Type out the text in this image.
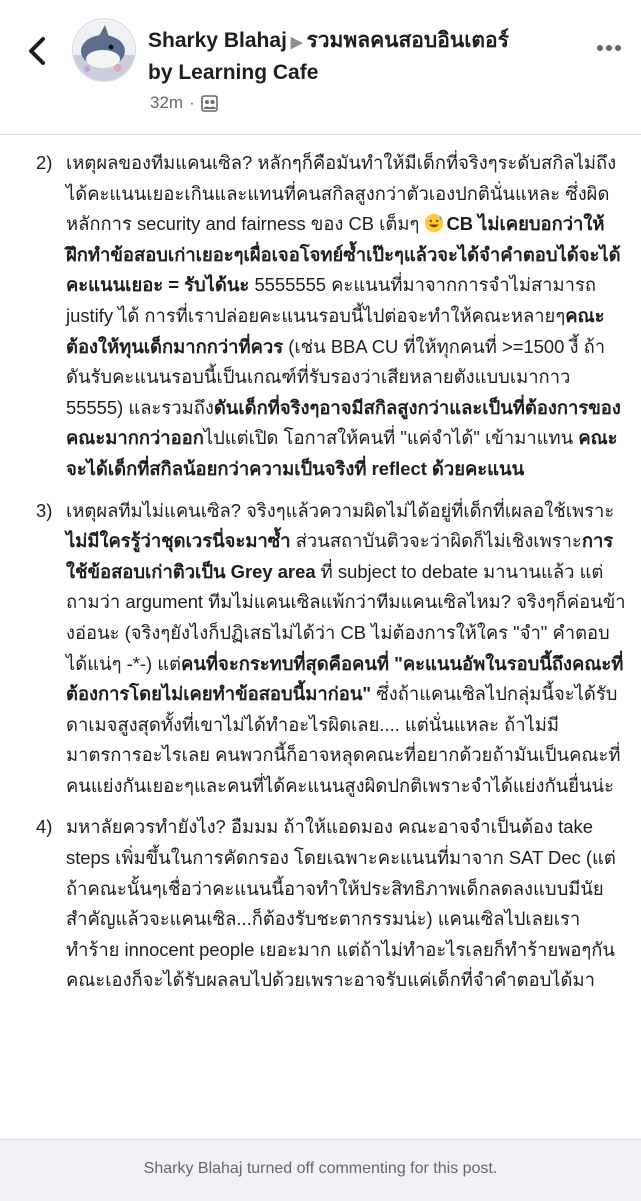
Sharky Blahaj ▶ รวมพลคนสอบอินเตอร์
by Learning Cafe
32m ·
2) เหตุผลของทีมแคนเซิล? หลักๆก็คือมันทำให้มีเด็กที่จริงๆระดับสกิลไม่ถึงได้คะแนนเยอะเกินและแทนที่คนสกิลสูงกว่าตัวเองปกตินั่นแหละ ซึ่งผิดหลักการ security and fairness ของ CB เต็มๆ CB ไม่เคยบอกว่าให้ฝึกทำข้อสอบเก่าเยอะๆเผื่อเจอโจทย์ซ้ำเป๊ะๆแล้วจะได้จำคำตอบได้จะได้คะแนนเยอะ = รับได้นะ 5555555 คะแนนที่มาจากการจำไม่สามารถ justify ได้ การที่เราปล่อยคะแนนรอบนี้ไปต่อจะทำให้คณะหลายๆคณะต้องให้ทุนเด็กมากกว่าที่ควร (เช่น BBA CU ที่ให้ทุกคนที่ >=1500 งี้ ถ้าดันรับคะแนนรอบนี้เป็นเกณฑ์ที่รับรองว่าเสียหลายตังแบบเมากาว 55555) และรวมถึงดันเด็กที่จริงๆอาจมีสกิลสูงกว่าและเป็นที่ต้องการของคณะมากกว่าออกไปแต่เปิด โอกาสให้คนที่ "แค่จำได้" เข้ามาแทน คณะจะได้เด็กที่สกิลน้อยกว่าความเป็นจริงที่ reflect ด้วยคะแนน
3) เหตุผลทีมไม่แคนเซิล? จริงๆแล้วความผิดไม่ได้อยู่ที่เด็กที่เผลอใช้เพราะไม่มีใครรู้ว่าชุดเวรนี่จะมาซ้ำ ส่วนสถาบันติวจะว่าผิดก็ไม่เชิงเพราะการใช้ข้อสอบเก่าติวเป็น Grey area ที่ subject to debate มานานแล้ว แต่ถามว่า argument ทีมไม่แคนเซิลแพ้กว่าทีมแคนเซิลไหม? จริงๆก็ค่อนข้างอ่อนะ (จริงๆยังไงก็ปฏิเสธไม่ได้ว่า CB ไม่ต้องการให้ใคร "จำ" คำตอบได้แน่ๆ -*-) แต่คนที่จะกระทบที่สุดคือคนที่ "คะแนนอัพในรอบนี้ถึงคณะที่ต้องการโดยไม่เคยทำข้อสอบนี้มาก่อน" ซึ่งถ้าแคนเซิลไปกลุ่มนี้จะได้รับดาเมจสูงสุดทั้งที่เขาไม่ได้ทำอะไรผิดเลย.... แต่นั่นแหละ ถ้าไม่มีมาตรการอะไรเลย คนพวกนี้ก็อาจหลุดคณะที่อยากด้วยถ้ามันเป็นคณะที่คนแย่งกันเยอะๆและคนที่ได้คะแนนสูงผิดปกติเพราะจำได้แย่งกันยื่นน่ะ
4) มหาลัยควรทำยังไง? อืมมม ถ้าให้แอดมอง คณะอาจจำเป็นต้อง take steps เพิ่มขึ้นในการคัดกรอง โดยเฉพาะคะแนนที่มาจาก SAT Dec (แต่ถ้าคณะนั้นๆเชื่อว่าคะแนนนี้อาจทำให้ประสิทธิภาพเด็กลดลงแบบมีนัยสำคัญแล้วจะแคนเซิล...ก็ต้องรับชะตากรรมน่ะ) แคนเซิลไปเลยเราทำร้าย innocent people เยอะมาก แต่ถ้าไม่ทำอะไรเลยก็ทำร้ายพอๆกัน คณะเองก็จะได้รับผลลบไปด้วยเพราะอาจรับแค่เด็กที่จำคำตอบได้มา
Sharky Blahaj turned off commenting for this post.
